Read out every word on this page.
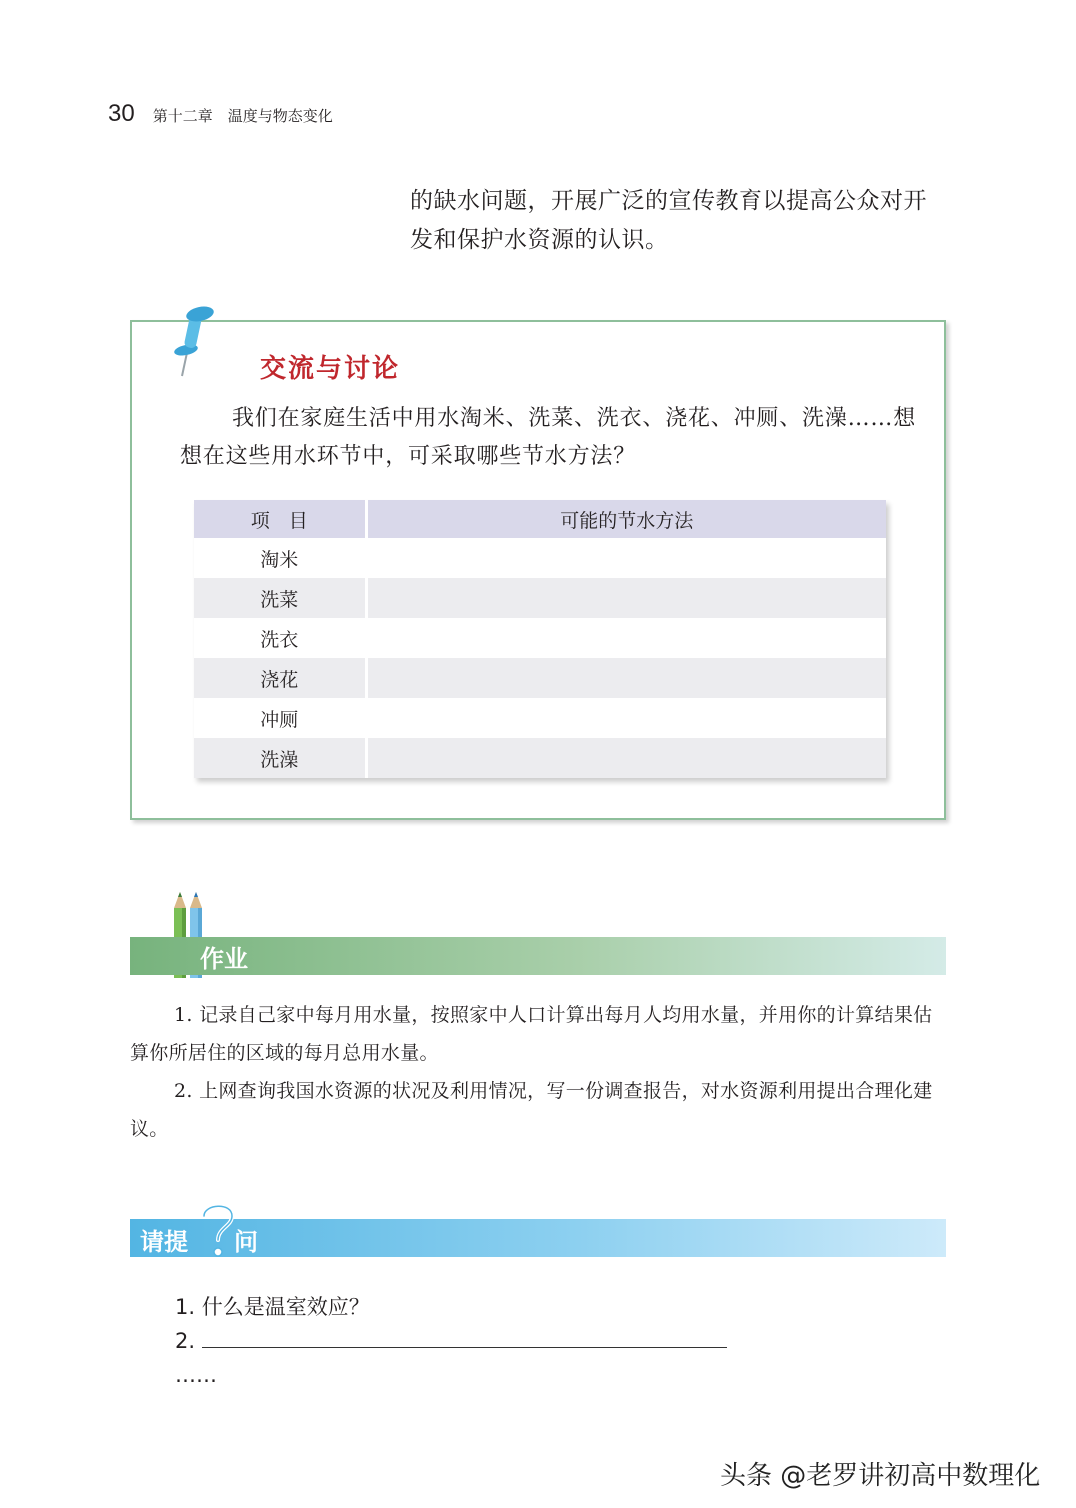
30 第十二章　温度与物态变化
的缺水问题，开展广泛的宣传教育以提高公众对开
发和保护水资源的认识。
交流与讨论
我们在家庭生活中用水淘米、洗菜、洗衣、浇花、冲厕、洗澡……想想在这些用水环节中，可采取哪些节水方法？
项　目	可能的节水方法
淘米	
洗菜	
洗衣	
浇花	
冲厕	
洗澡	
作业

1. 记录自己家中每月用水量，按照家中人口计算出每月人均用水量，并用你的计算结果估算你所居住的区域的每月总用水量。

2. 上网查询我国水资源的状况及利用情况，写一份调查报告，对水资源利用提出合理化建议。

请提 问
1. 什么是温室效应？
2.
……
头条 @老罗讲初高中数理化
